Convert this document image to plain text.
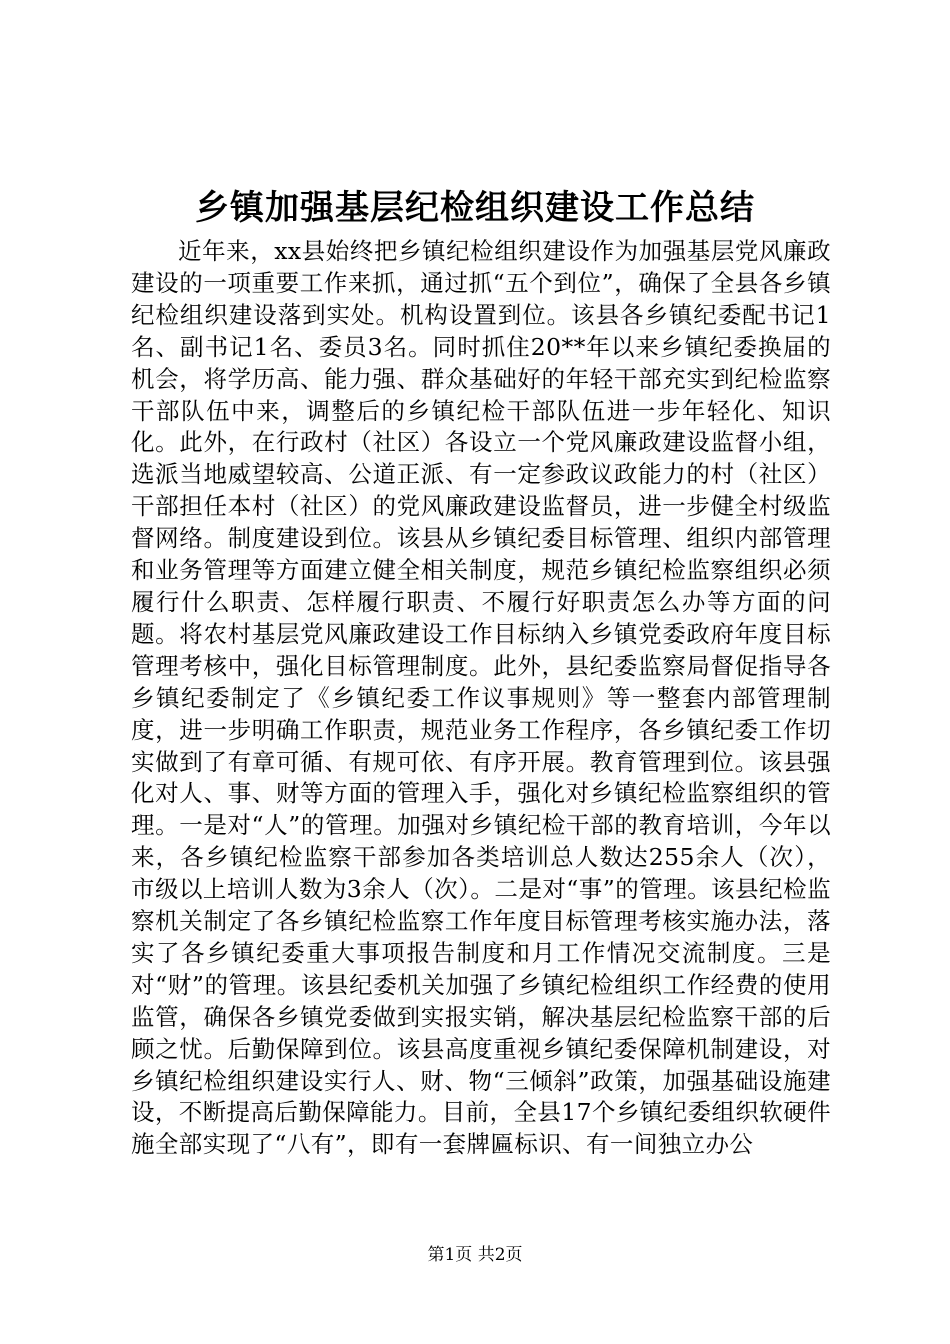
乡镇加强基层纪检组织建设工作总结

近年来，xx县始终把乡镇纪检组织建设作为加强基层党风廉政建设的一项重要工作来抓，通过抓“五个到位”，确保了全县各乡镇纪检组织建设落到实处。机构设置到位。该县各乡镇纪委配书记1名、副书记1名、委员3名。同时抓住20**年以来乡镇纪委换届的机会，将学历高、能力强、群众基础好的年轻干部充实到纪检监察干部队伍中来，调整后的乡镇纪检干部队伍进一步年轻化、知识化。此外，在行政村（社区）各设立一个党风廉政建设监督小组，选派当地威望较高、公道正派、有一定参政议政能力的村（社区）干部担任本村（社区）的党风廉政建设监督员，进一步健全村级监督网络。制度建设到位。该县从乡镇纪委目标管理、组织内部管理和业务管理等方面建立健全相关制度，规范乡镇纪检监察组织必须履行什么职责、怎样履行职责、不履行好职责怎么办等方面的问题。将农村基层党风廉政建设工作目标纳入乡镇党委政府年度目标管理考核中，强化目标管理制度。此外，县纪委监察局督促指导各乡镇纪委制定了《乡镇纪委工作议事规则》等一整套内部管理制度，进一步明确工作职责，规范业务工作程序，各乡镇纪委工作切实做到了有章可循、有规可依、有序开展。教育管理到位。该县强化对人、事、财等方面的管理入手，强化对乡镇纪检监察组织的管理。一是对“人”的管理。加强对乡镇纪检干部的教育培训，今年以来，各乡镇纪检监察干部参加各类培训总人数达255余人（次），市级以上培训人数为3余人（次）。二是对“事”的管理。该县纪检监察机关制定了各乡镇纪检监察工作年度目标管理考核实施办法，落实了各乡镇纪委重大事项报告制度和月工作情况交流制度。三是对“财”的管理。该县纪委机关加强了乡镇纪检组织工作经费的使用监管，确保各乡镇党委做到实报实销，解决基层纪检监察干部的后顾之忧。后勤保障到位。该县高度重视乡镇纪委保障机制建设，对乡镇纪检组织建设实行人、财、物“三倾斜”政策，加强基础设施建设，不断提高后勤保障能力。目前，全县17个乡镇纪委组织软硬件施全部实现了“八有”，即有一套牌匾标识、有一间独立办公

第1页 共2页
